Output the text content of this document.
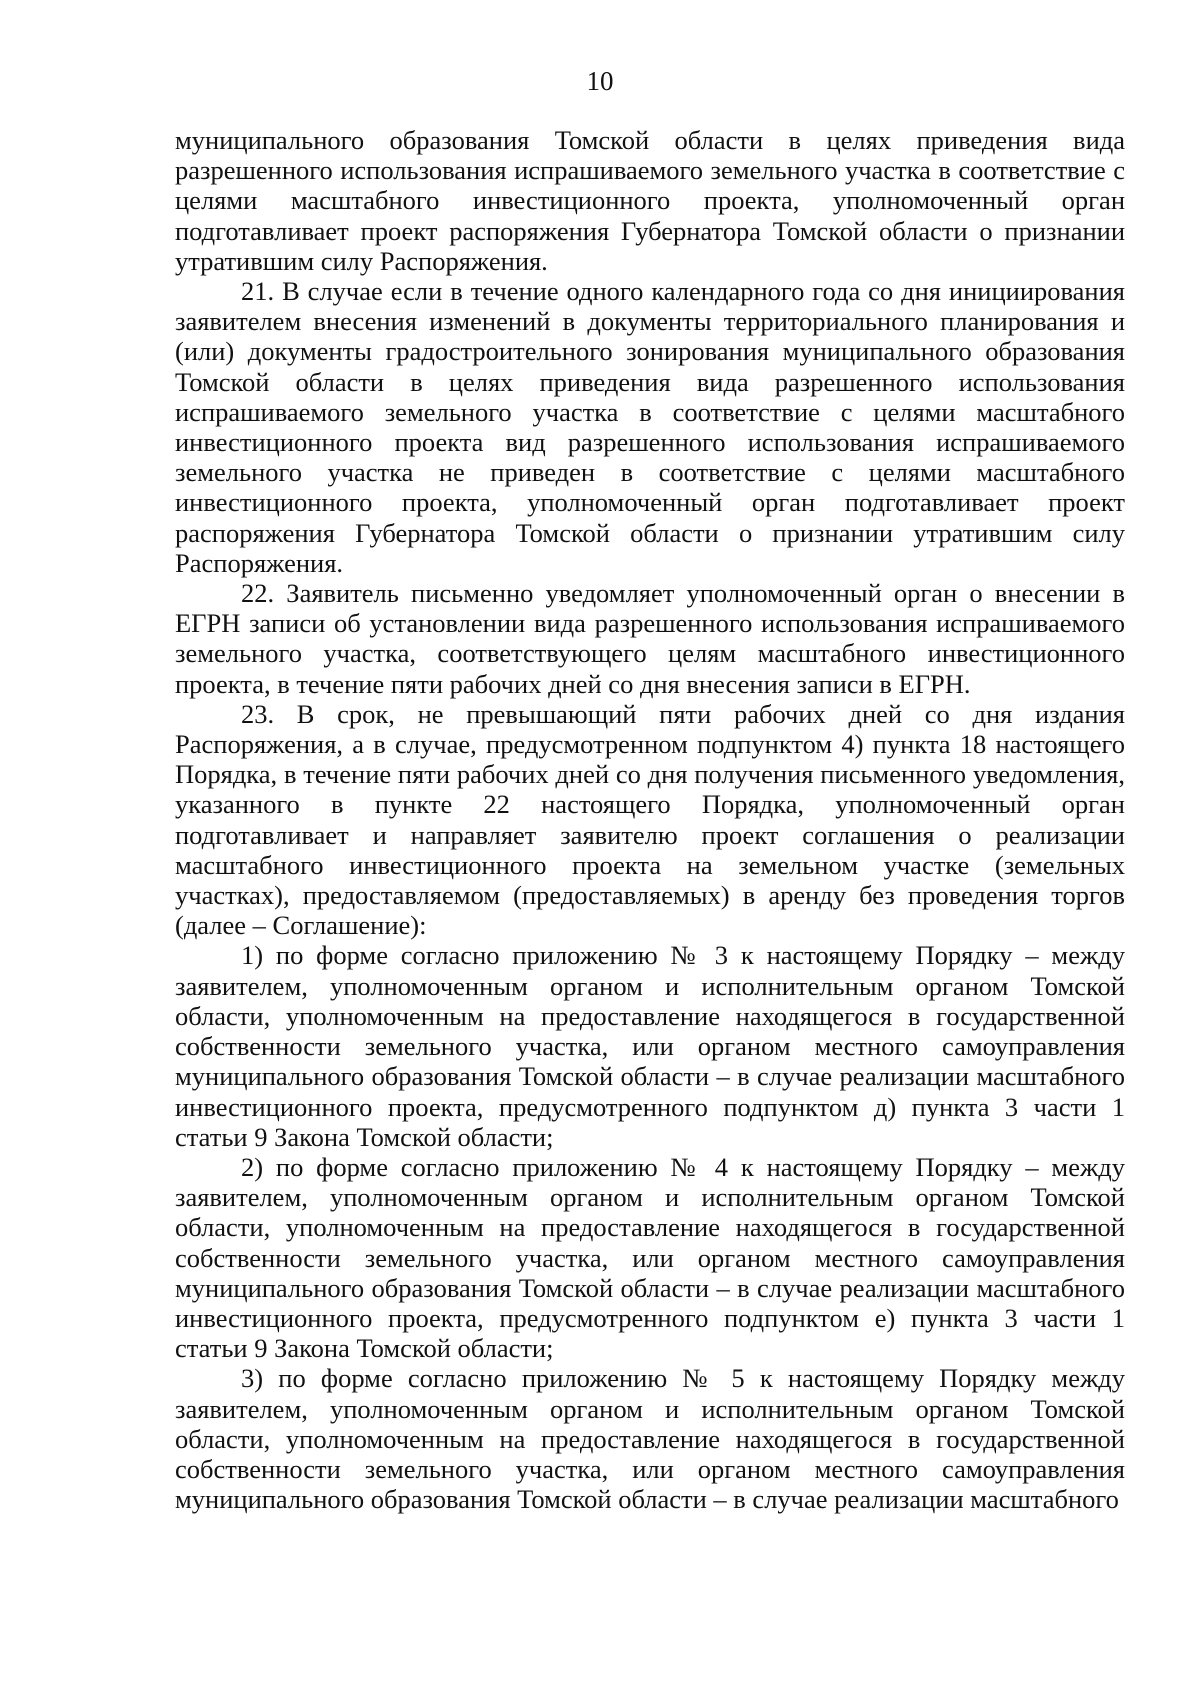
10

муниципального образования Томской области в целях приведения вида разрешенного использования испрашиваемого земельного участка в соответствие с целями масштабного инвестиционного проекта, уполномоченный орган подготавливает проект распоряжения Губернатора Томской области о признании утратившим силу Распоряжения.

21. В случае если в течение одного календарного года со дня инициирования заявителем внесения изменений в документы территориального планирования и (или) документы градостроительного зонирования муниципального образования Томской области в целях приведения вида разрешенного использования испрашиваемого земельного участка в соответствие с целями масштабного инвестиционного проекта вид разрешенного использования испрашиваемого земельного участка не приведен в соответствие с целями масштабного инвестиционного проекта, уполномоченный орган подготавливает проект распоряжения Губернатора Томской области о признании утратившим силу Распоряжения.

22. Заявитель письменно уведомляет уполномоченный орган о внесении в ЕГРН записи об установлении вида разрешенного использования испрашиваемого земельного участка, соответствующего целям масштабного инвестиционного проекта, в течение пяти рабочих дней со дня внесения записи в ЕГРН.

23. В срок, не превышающий пяти рабочих дней со дня издания Распоряжения, а в случае, предусмотренном подпунктом 4) пункта 18 настоящего Порядка, в течение пяти рабочих дней со дня получения письменного уведомления, указанного в пункте 22 настоящего Порядка, уполномоченный орган подготавливает и направляет заявителю проект соглашения о реализации масштабного инвестиционного проекта на земельном участке (земельных участках), предоставляемом (предоставляемых) в аренду без проведения торгов (далее – Соглашение):

1) по форме согласно приложению № 3 к настоящему Порядку – между заявителем, уполномоченным органом и исполнительным органом Томской области, уполномоченным на предоставление находящегося в государственной собственности земельного участка, или органом местного самоуправления муниципального образования Томской области – в случае реализации масштабного инвестиционного проекта, предусмотренного подпунктом д) пункта 3 части 1 статьи 9 Закона Томской области;

2) по форме согласно приложению № 4 к настоящему Порядку – между заявителем, уполномоченным органом и исполнительным органом Томской области, уполномоченным на предоставление находящегося в государственной собственности земельного участка, или органом местного самоуправления муниципального образования Томской области – в случае реализации масштабного инвестиционного проекта, предусмотренного подпунктом е) пункта 3 части 1 статьи 9 Закона Томской области;

3) по форме согласно приложению № 5 к настоящему Порядку между заявителем, уполномоченным органом и исполнительным органом Томской области, уполномоченным на предоставление находящегося в государственной собственности земельного участка, или органом местного самоуправления муниципального образования Томской области – в случае реализации масштабного
